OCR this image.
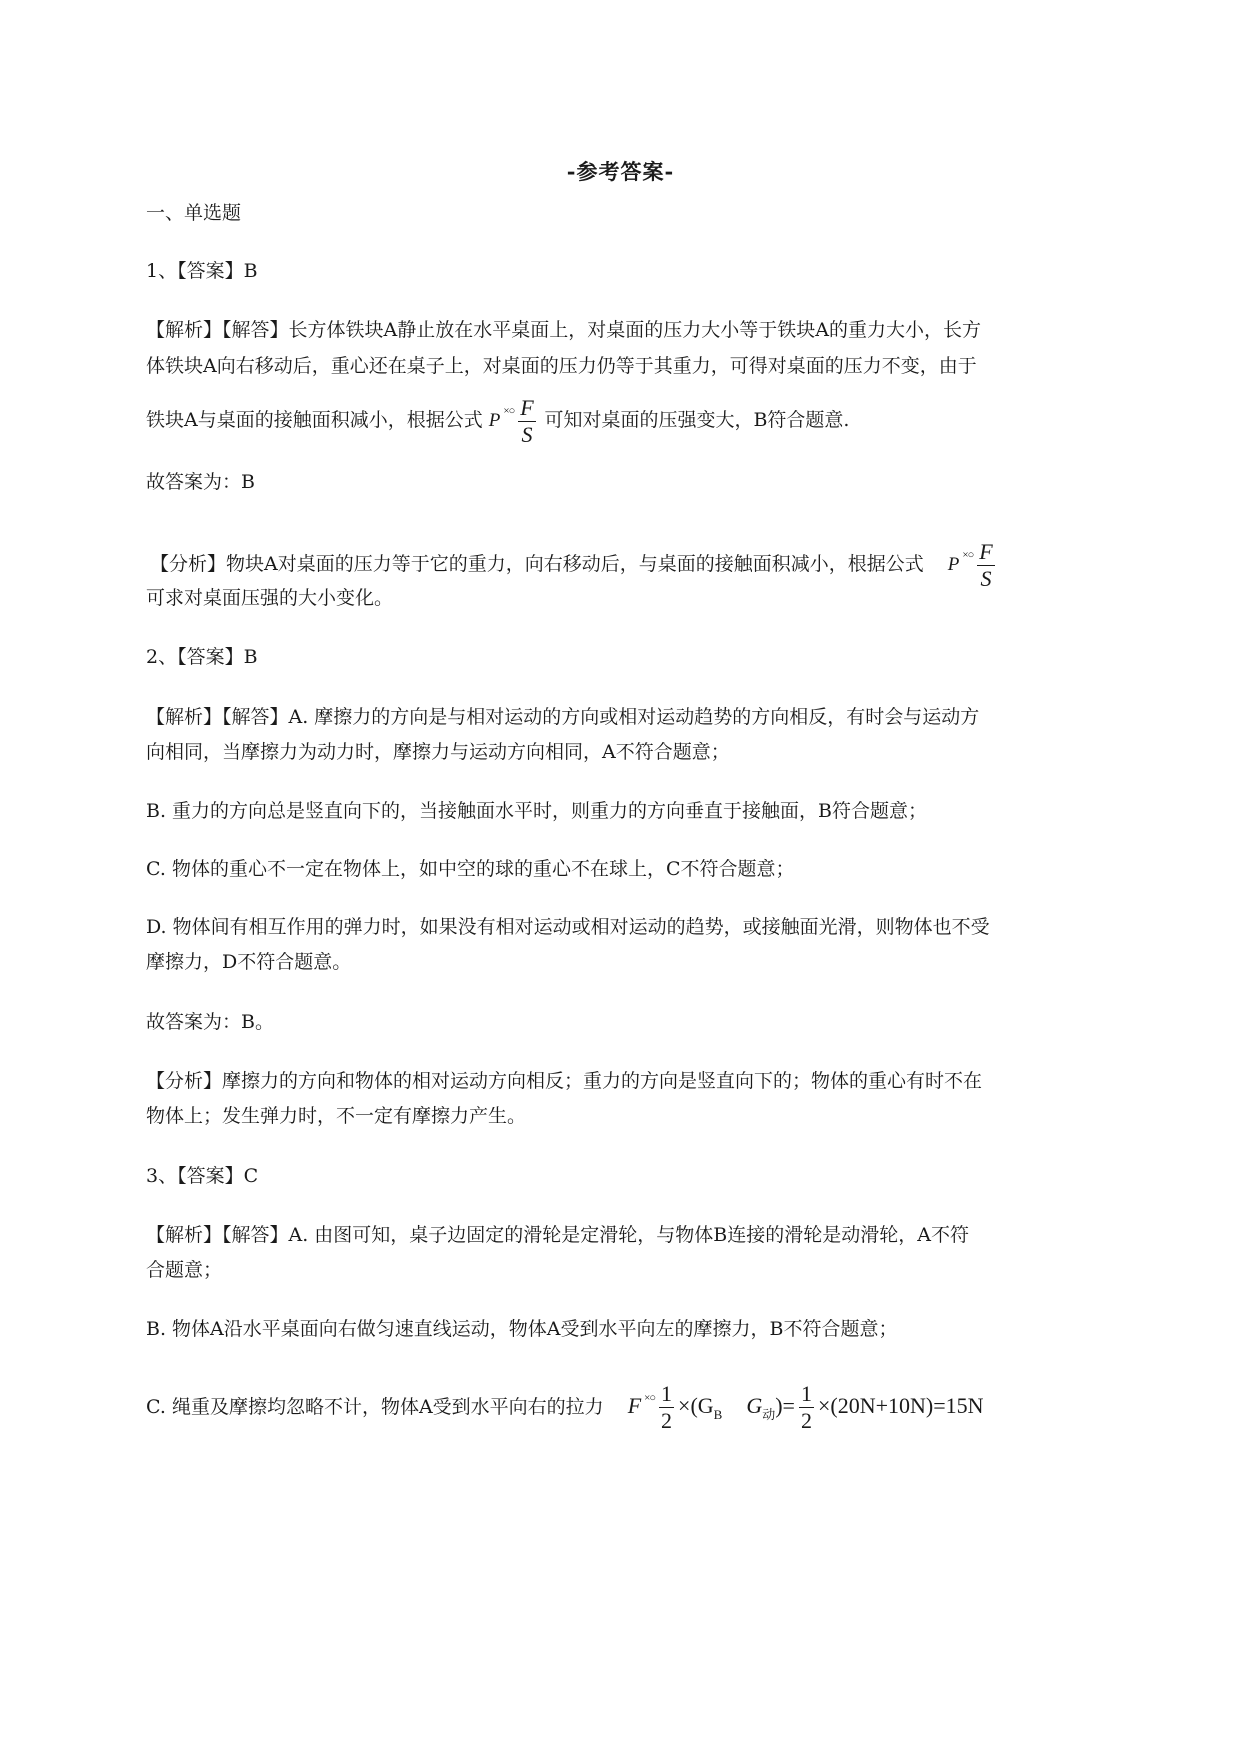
-参考答案-
一、单选题
1、【答案】B
【解析】【解答】长方体铁块A静止放在水平桌面上，对桌面的压力大小等于铁块A的重力大小，长方
体铁块A向右移动后，重心还在桌子上，对桌面的压力仍等于其重力，可得对桌面的压力不变，由于
铁块A与桌面的接触面积减小，根据公式 P $^{\times○} \frac{F}{S}$ 可知对桌面的压强变大，B符合题意.
故答案为：B
【分析】物块A对桌面的压力等于它的重力，向右移动后，与桌面的接触面积减小，根据公式 P $^{\times○} \frac{F}{S}$
可求对桌面压强的大小变化。
2、【答案】B
【解析】【解答】A. 摩擦力的方向是与相对运动的方向或相对运动趋势的方向相反，有时会与运动方
向相同，当摩擦力为动力时，摩擦力与运动方向相同，A不符合题意；
B. 重力的方向总是竖直向下的，当接触面水平时，则重力的方向垂直于接触面，B符合题意；
C. 物体的重心不一定在物体上，如中空的球的重心不在球上，C不符合题意；
D. 物体间有相互作用的弹力时，如果没有相对运动或相对运动的趋势，或接触面光滑，则物体也不受
摩擦力，D不符合题意。
故答案为：B。
【分析】摩擦力的方向和物体的相对运动方向相反；重力的方向是竖直向下的；物体的重心有时不在
物体上；发生弹力时，不一定有摩擦力产生。
3、【答案】C
【解析】【解答】A. 由图可知，桌子边固定的滑轮是定滑轮，与物体B连接的滑轮是动滑轮，A不符
合题意；
B. 物体A沿水平桌面向右做匀速直线运动，物体A受到水平向左的摩擦力，B不符合题意；
C. 绳重及摩擦均忽略不计，物体A受到水平向右的拉力 F $^{\times○} \frac{1}{2} \times(G_B$ $G_动)= \frac{1}{2} \times(20N+10N)=15N$
